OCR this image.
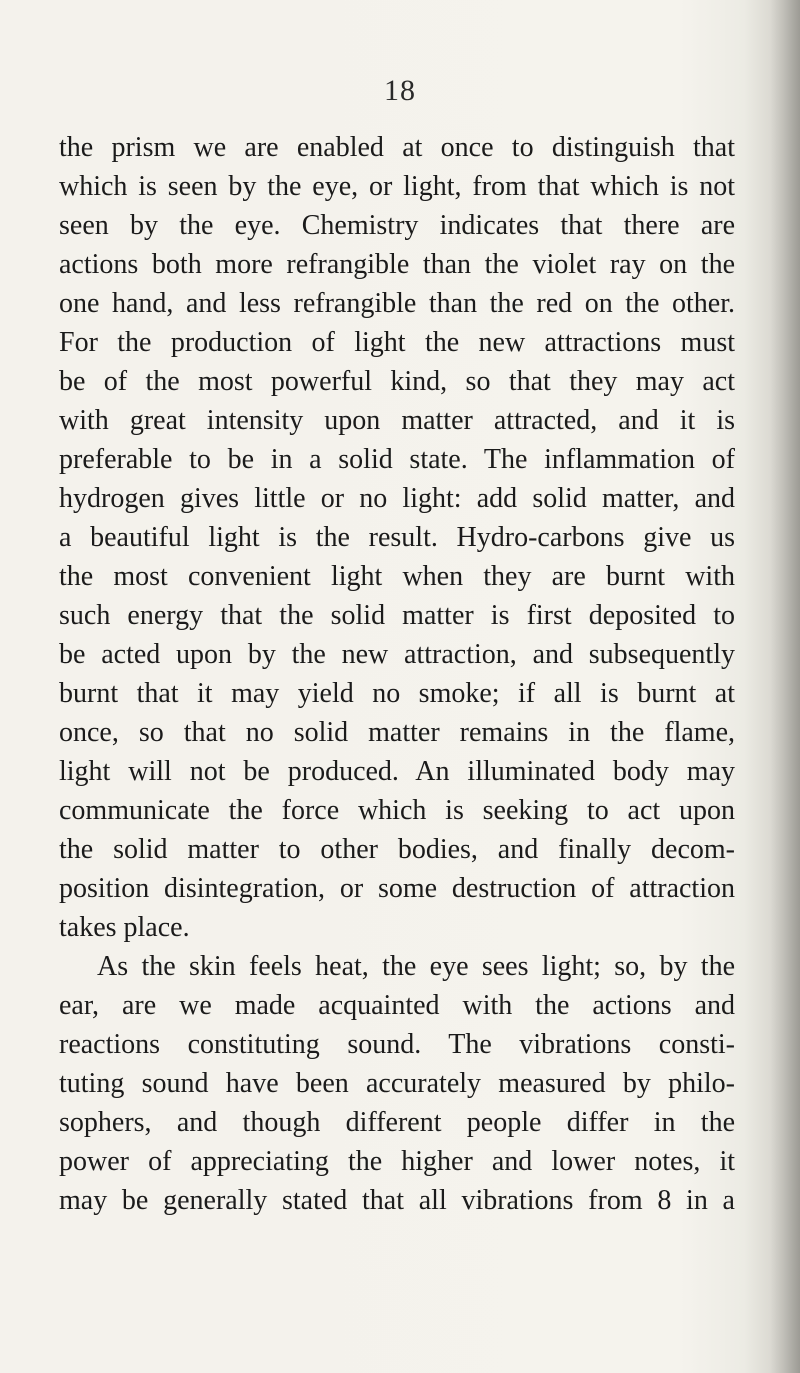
18
the prism we are enabled at once to distinguish that
which is seen by the eye, or light, from that which is not
seen by the eye. Chemistry indicates that there are
actions both more refrangible than the violet ray on the
one hand, and less refrangible than the red on the other.
For the production of light the new attractions must
be of the most powerful kind, so that they may act
with great intensity upon matter attracted, and it is
preferable to be in a solid state. The inflammation of
hydrogen gives little or no light: add solid matter, and
a beautiful light is the result. Hydro-carbons give us
the most convenient light when they are burnt with
such energy that the solid matter is first deposited to
be acted upon by the new attraction, and subsequently
burnt that it may yield no smoke; if all is burnt at
once, so that no solid matter remains in the flame,
light will not be produced. An illuminated body may
communicate the force which is seeking to act upon
the solid matter to other bodies, and finally decom-
position disintegration, or some destruction of attraction
takes place.
As the skin feels heat, the eye sees light; so, by the
ear, are we made acquainted with the actions and
reactions constituting sound. The vibrations consti-
tuting sound have been accurately measured by philo-
sophers, and though different people differ in the
power of appreciating the higher and lower notes, it
may be generally stated that all vibrations from 8 in a
